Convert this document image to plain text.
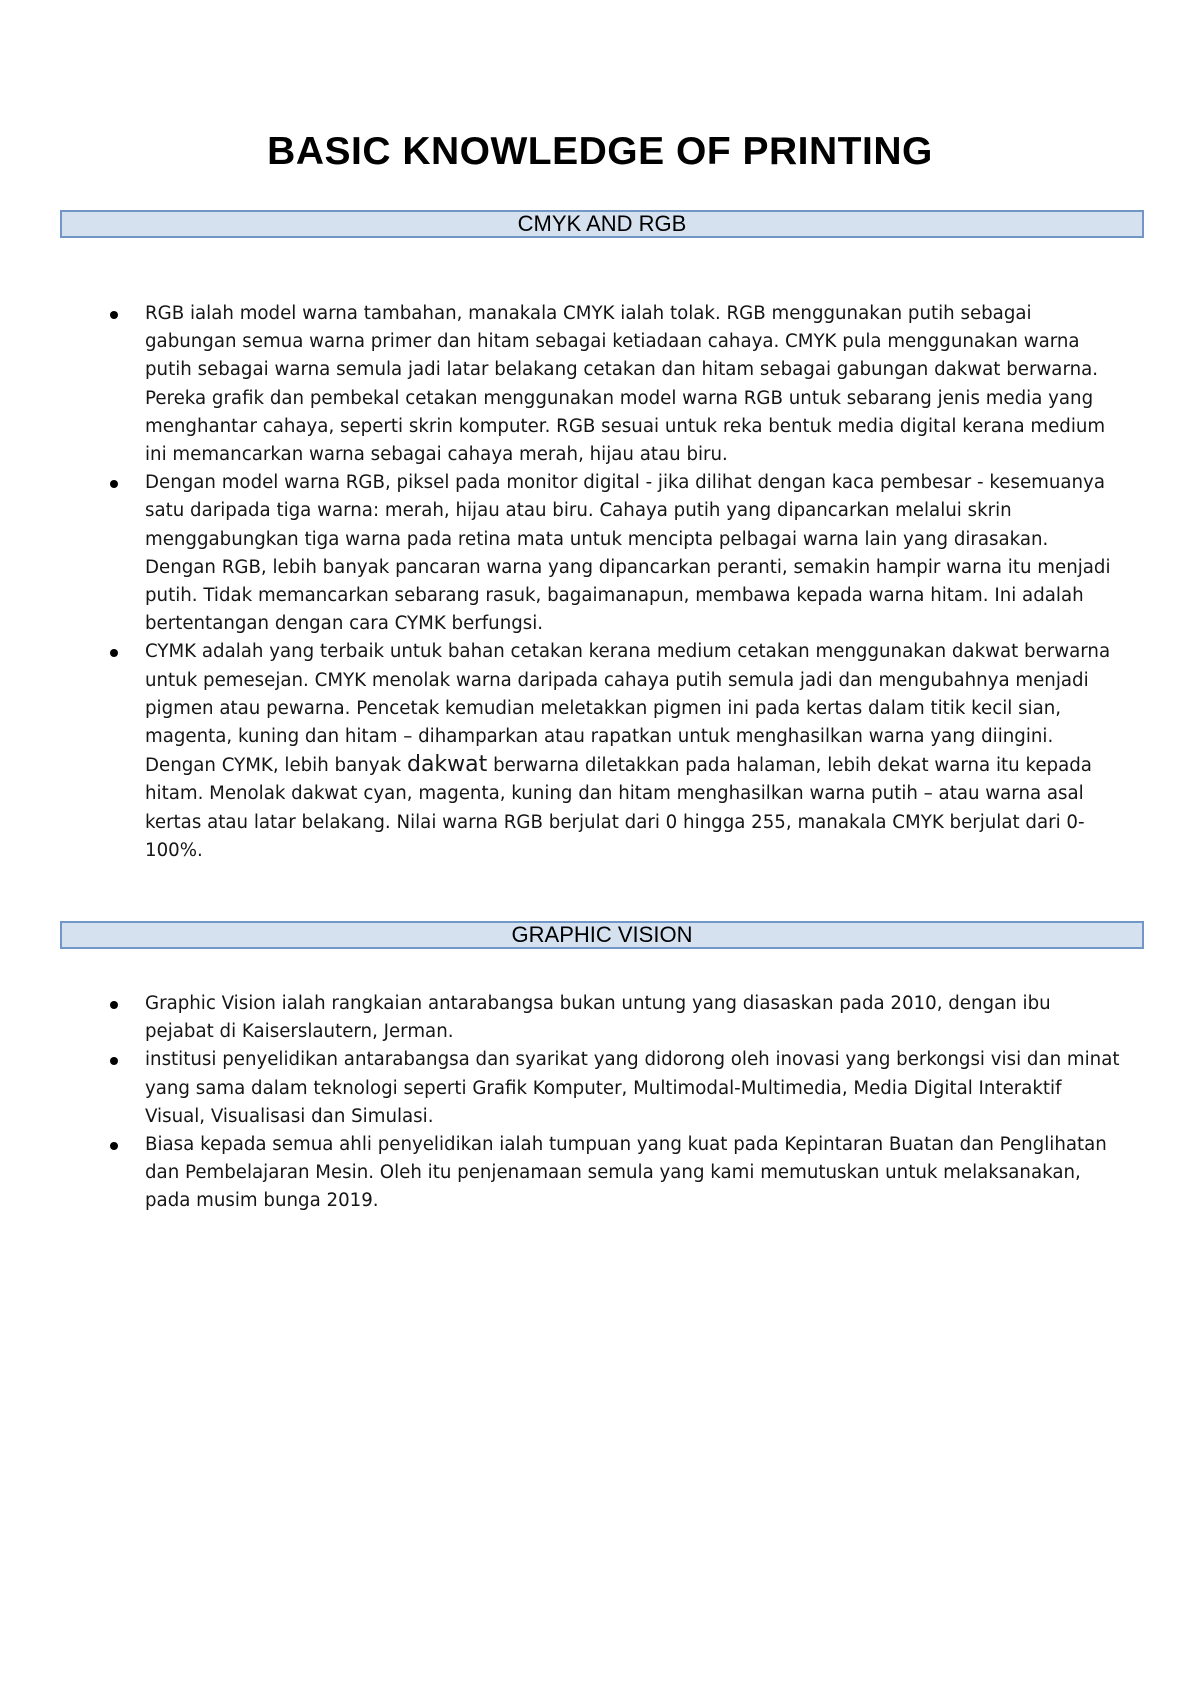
BASIC KNOWLEDGE OF PRINTING
CMYK AND RGB
RGB ialah model warna tambahan, manakala CMYK ialah tolak. RGB menggunakan putih sebagai gabungan semua warna primer dan hitam sebagai ketiadaan cahaya. CMYK pula menggunakan warna putih sebagai warna semula jadi latar belakang cetakan dan hitam sebagai gabungan dakwat berwarna. Pereka grafik dan pembekal cetakan menggunakan model warna RGB untuk sebarang jenis media yang menghantar cahaya, seperti skrin komputer. RGB sesuai untuk reka bentuk media digital kerana medium ini memancarkan warna sebagai cahaya merah, hijau atau biru.
Dengan model warna RGB, piksel pada monitor digital - jika dilihat dengan kaca pembesar - kesemuanya satu daripada tiga warna: merah, hijau atau biru. Cahaya putih yang dipancarkan melalui skrin menggabungkan tiga warna pada retina mata untuk mencipta pelbagai warna lain yang dirasakan. Dengan RGB, lebih banyak pancaran warna yang dipancarkan peranti, semakin hampir warna itu menjadi putih. Tidak memancarkan sebarang rasuk, bagaimanapun, membawa kepada warna hitam. Ini adalah bertentangan dengan cara CYMK berfungsi.
CYMK adalah yang terbaik untuk bahan cetakan kerana medium cetakan menggunakan dakwat berwarna untuk pemesejan. CMYK menolak warna daripada cahaya putih semula jadi dan mengubahnya menjadi pigmen atau pewarna. Pencetak kemudian meletakkan pigmen ini pada kertas dalam titik kecil sian, magenta, kuning dan hitam – dihamparkan atau rapatkan untuk menghasilkan warna yang diingini. Dengan CYMK, lebih banyak dakwat berwarna diletakkan pada halaman, lebih dekat warna itu kepada hitam. Menolak dakwat cyan, magenta, kuning dan hitam menghasilkan warna putih – atau warna asal kertas atau latar belakang. Nilai warna RGB berjulat dari 0 hingga 255, manakala CMYK berjulat dari 0-100%.
GRAPHIC VISION
Graphic Vision ialah rangkaian antarabangsa bukan untung yang diasaskan pada 2010, dengan ibu pejabat di Kaiserslautern, Jerman.
institusi penyelidikan antarabangsa dan syarikat yang didorong oleh inovasi yang berkongsi visi dan minat yang sama dalam teknologi seperti Grafik Komputer, Multimodal-Multimedia, Media Digital Interaktif Visual, Visualisasi dan Simulasi.
Biasa kepada semua ahli penyelidikan ialah tumpuan yang kuat pada Kepintaran Buatan dan Penglihatan dan Pembelajaran Mesin. Oleh itu penjenamaan semula yang kami memutuskan untuk melaksanakan, pada musim bunga 2019.
